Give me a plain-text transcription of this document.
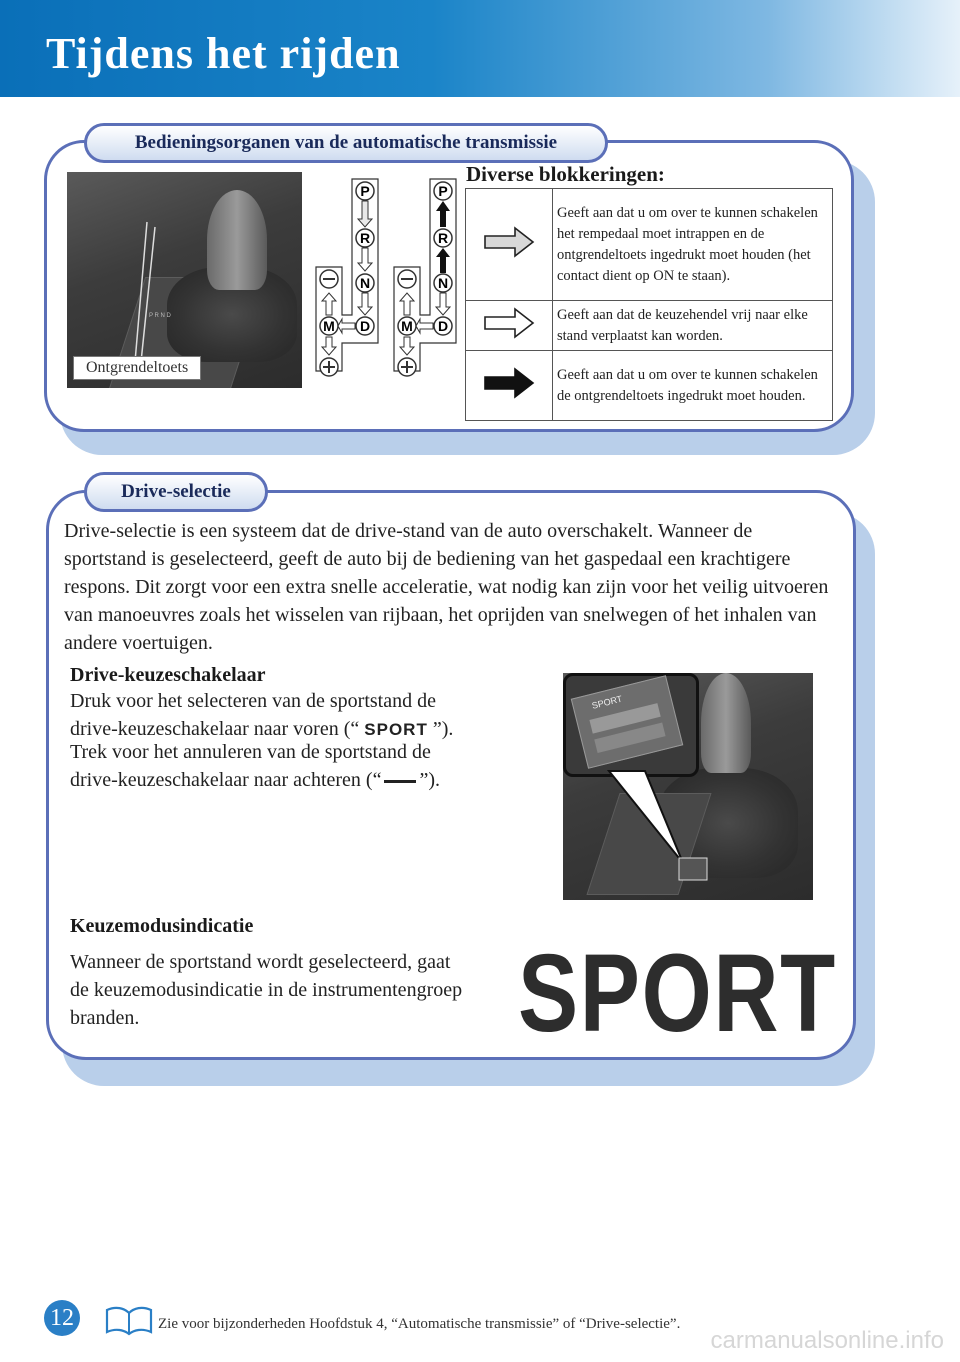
Tijdens het rijden
Bedieningsorganen van de automatische transmissie
P R N D
Ontgrendeltoets
P
R
N
D
M
P
R
N
D
M
Diverse blokkeringen:
	Geeft aan dat u om over te kunnen schakelen het rempedaal moet intrappen en de ontgrendeltoets ingedrukt moet houden (het contact dient op ON te staan).
	Geeft aan dat de keuzehendel vrij naar elke stand verplaatst kan worden.
	Geeft aan dat u om over te kunnen schakelen de ontgrendeltoets ingedrukt moet houden.
Drive-selectie
Drive-selectie is een systeem dat de drive-stand van de auto overschakelt. Wanneer de sportstand is geselecteerd, geeft de auto bij de bediening van het gaspedaal een krachtigere respons. Dit zorgt voor een extra snelle acceleratie, wat nodig kan zijn voor het veilig uitvoeren van manoeuvres zoals het wisselen van rijbaan, het oprijden van snelwegen of het inhalen van andere voertuigen.
Drive-keuzeschakelaar
Druk voor het selecteren van de sportstand de
drive-keuzeschakelaar naar voren (“ SPORT ”).
Trek voor het annuleren van de sportstand de
drive-keuzeschakelaar naar achteren (“ ”).
SPORT
Keuzemodusindicatie
Wanneer de sportstand wordt geselecteerd, gaat de keuzemodusindicatie in de instrumentengroep branden.	SPORT
12	Zie voor bijzonderheden Hoofdstuk 4, “Automatische transmissie” of “Drive-selectie”.
carmanualsonline.info
